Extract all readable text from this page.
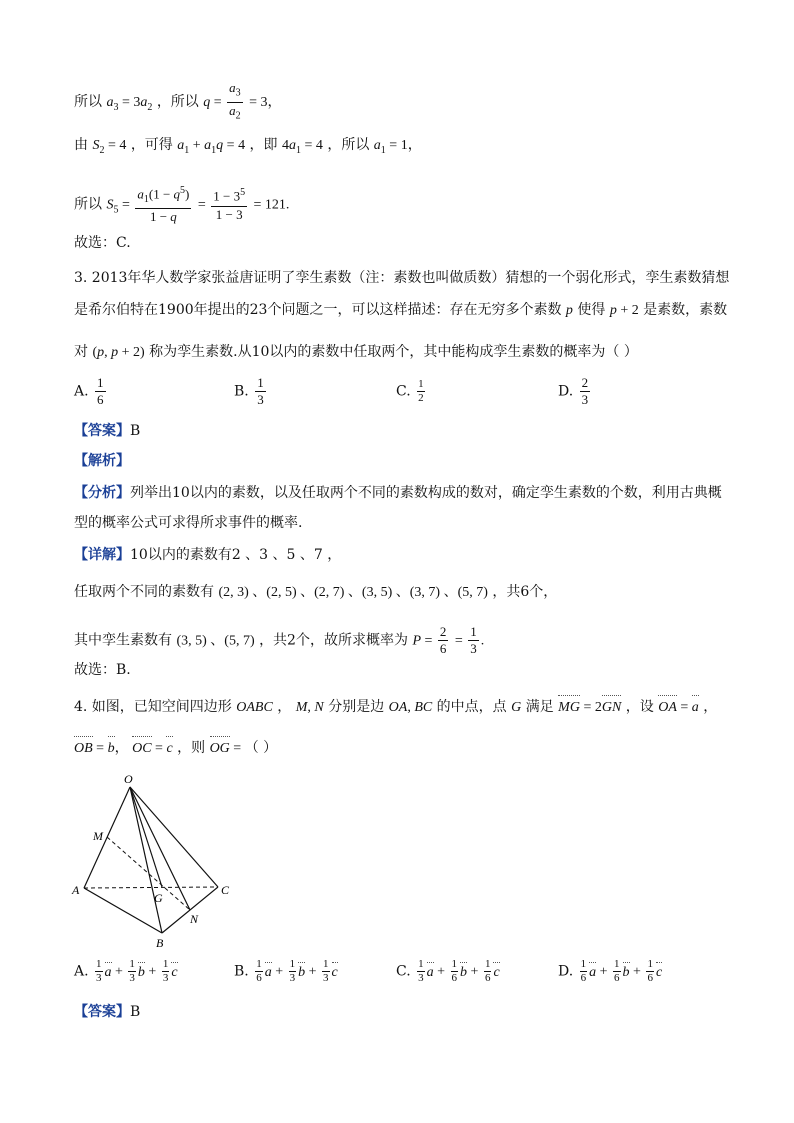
所以 $a_3 = 3a_2$ ，所以 $q = \frac{a_3}{a_2} = 3$，
由 $S_2 = 4$ ，可得 $a_1 + a_1q = 4$ ，即 $4a_1 = 4$ ，所以 $a_1 = 1$，
所以 $S_5 = \frac{a_1(1 - q^5)}{1 - q} = \frac{1 - 3^5}{1 - 3} = 121$.
故选：C.
3. 2013年华人数学家张益唐证明了孪生素数（注：素数也叫做质数）猜想的一个弱化形式，孪生素数猜想
是希尔伯特在1900年提出的23个问题之一，可以这样描述：存在无穷多个素数 p 使得 p + 2 是素数，素数
对 (p, p + 2) 称为孪生素数.从10以内的素数中任取两个，其中能构成孪生素数的概率为（ ）
A. $\frac{1}{6}$	B. $\frac{1}{3}$	C. $\frac{1}{2}$	D. $\frac{2}{3}$
【答案】B
【解析】
【分析】列举出10以内的素数，以及任取两个不同的素数构成的数对，确定孪生素数的个数，利用古典概
型的概率公式可求得所求事件的概率.
【详解】10以内的素数有2 、3 、5 、7 ，
任取两个不同的素数有 (2, 3) 、(2, 5) 、(2, 7) 、(3, 5) 、(3, 7) 、(5, 7) ，共6个，
其中孪生素数有 (3, 5) 、(5, 7) ，共2个，故所求概率为 $P = \frac{2}{6} = \frac{1}{3}$ .
故选：B.
4. 如图，已知空间四边形 OABC ， M, N 分别是边 OA, BC 的中点，点 G 满足 MG = 2GN ，设 OA = a ，
OB = b， OC = c ，则 OG = （ ）
O
M
A
G
C
N
B
A. $\frac{1}{3}$ $a + \frac{1}{3}$ $b + \frac{1}{3}$ c	B. $\frac{1}{6}$ $a + \frac{1}{3}$ $b + \frac{1}{3}$ c	C. $\frac{1}{3}$ $a + \frac{1}{6}$ $b + \frac{1}{6}$ c	D. $\frac{1}{6}$ $a + \frac{1}{6}$ $b + \frac{1}{6}$ c
【答案】B
